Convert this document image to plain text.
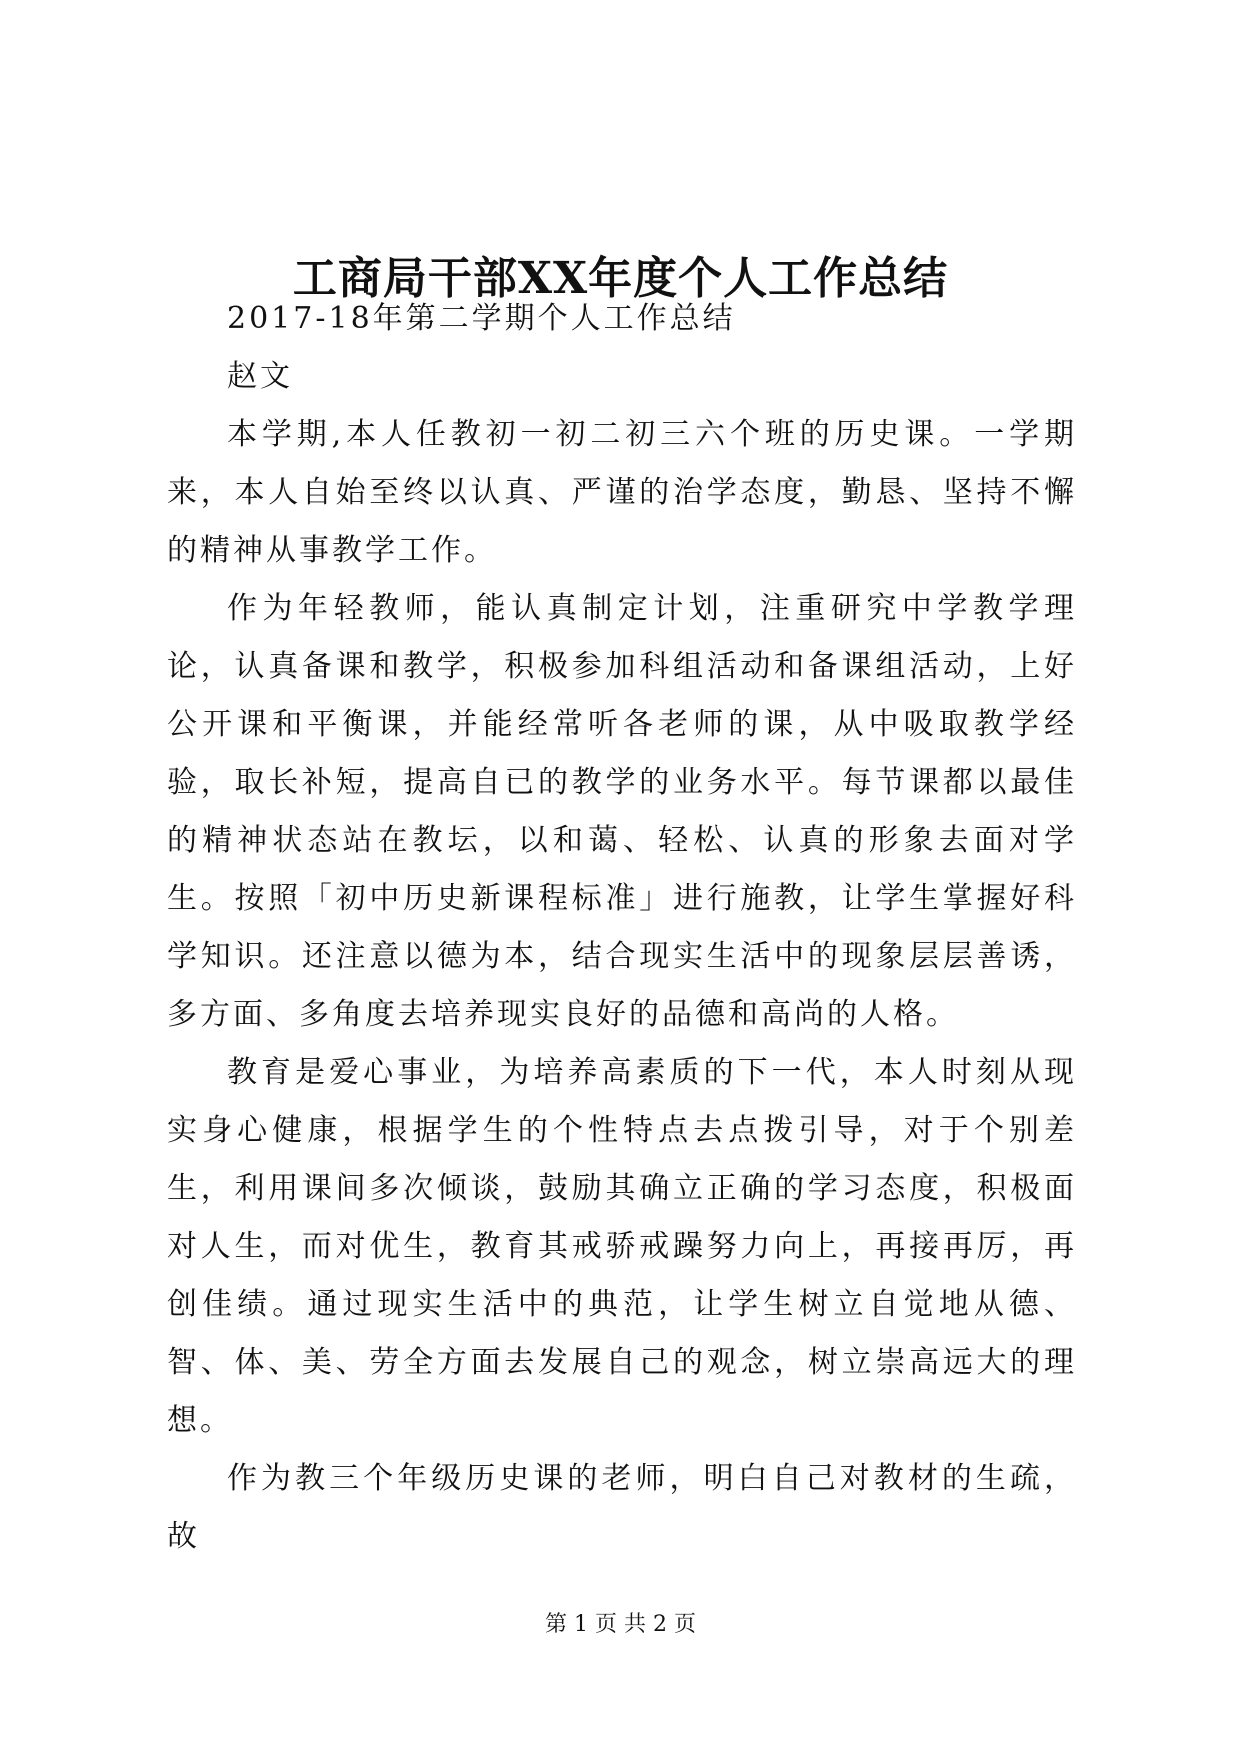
工商局干部XX年度个人工作总结

2017-18年第二学期个人工作总结

赵文

本学期,本人任教初一初二初三六个班的历史课。一学期来，本人自始至终以认真、严谨的治学态度，勤恳、坚持不懈的精神从事教学工作。

作为年轻教师，能认真制定计划，注重研究中学教学理论，认真备课和教学，积极参加科组活动和备课组活动，上好公开课和平衡课，并能经常听各老师的课，从中吸取教学经验，取长补短，提高自已的教学的业务水平。每节课都以最佳的精神状态站在教坛，以和蔼、轻松、认真的形象去面对学生。按照「初中历史新课程标准」进行施教，让学生掌握好科学知识。还注意以德为本，结合现实生活中的现象层层善诱，多方面、多角度去培养现实良好的品德和高尚的人格。

教育是爱心事业，为培养高素质的下一代，本人时刻从现实身心健康，根据学生的个性特点去点拨引导，对于个别差生，利用课间多次倾谈，鼓励其确立正确的学习态度，积极面对人生，而对优生，教育其戒骄戒躁努力向上，再接再厉，再创佳绩。通过现实生活中的典范，让学生树立自觉地从德、智、体、美、劳全方面去发展自己的观念，树立崇高远大的理想。

作为教三个年级历史课的老师，明白自己对教材的生疏，故

第 1 页 共 2 页
